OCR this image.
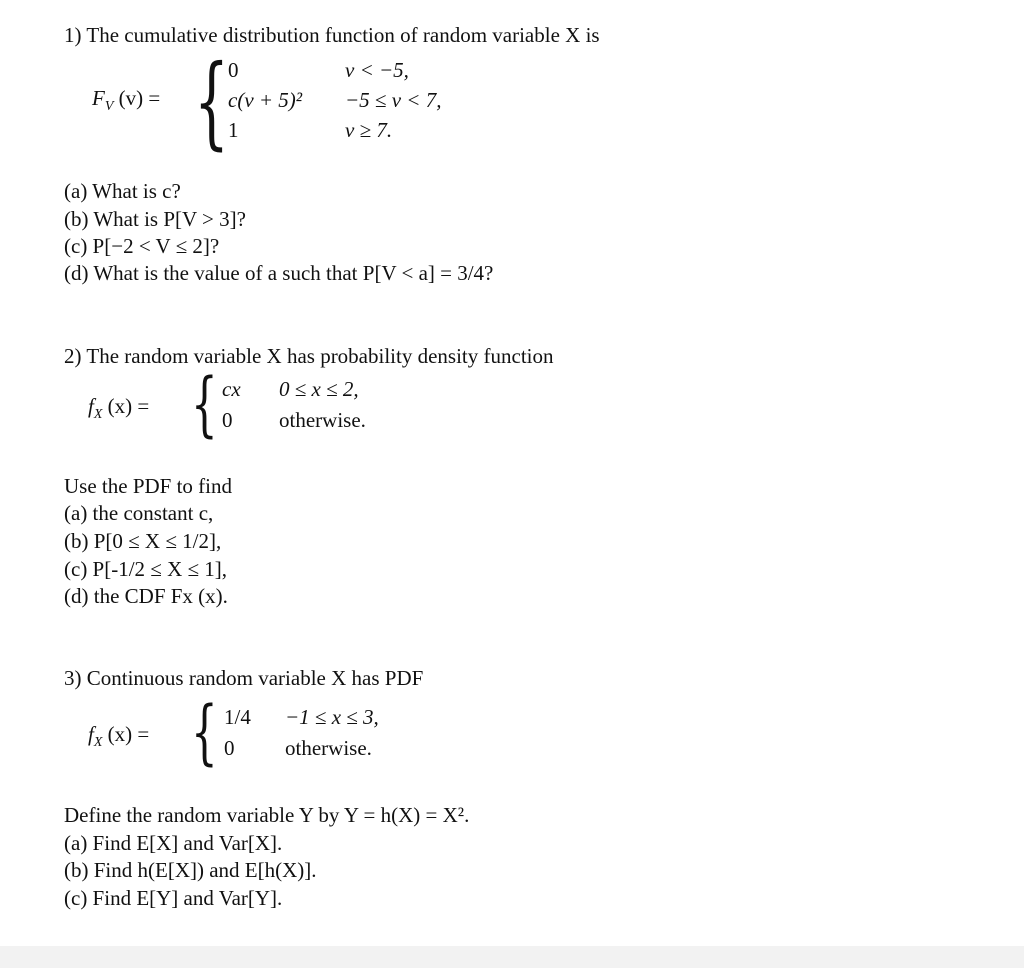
1) The cumulative distribution function of random variable X is
$F_V$ (v) = { 0	v < −5,
c(v + 5)² −5 ≤ v < 7,
1	v ≥ 7.
(a) What is c?
(b) What is P[V > 3]?
(c) P[−2 < V ≤ 2]?
(d) What is the value of a such that P[V < a] = 3/4?
2) The random variable X has probability density function
$f_X$ (x) = { cx 0 ≤ x ≤ 2,
0 otherwise.
Use the PDF to find
(a) the constant c,
(b) P[0 ≤ X ≤ 1/2],
(c) P[-1/2 ≤ X ≤ 1],
(d) the CDF Fx (x).
3) Continuous random variable X has PDF
$f_X$ (x) = { 1/4 −1 ≤ x ≤ 3,
0 otherwise.
Define the random variable Y by Y = h(X) = X².
(a) Find E[X] and Var[X].
(b) Find h(E[X]) and E[h(X)].
(c) Find E[Y] and Var[Y].
